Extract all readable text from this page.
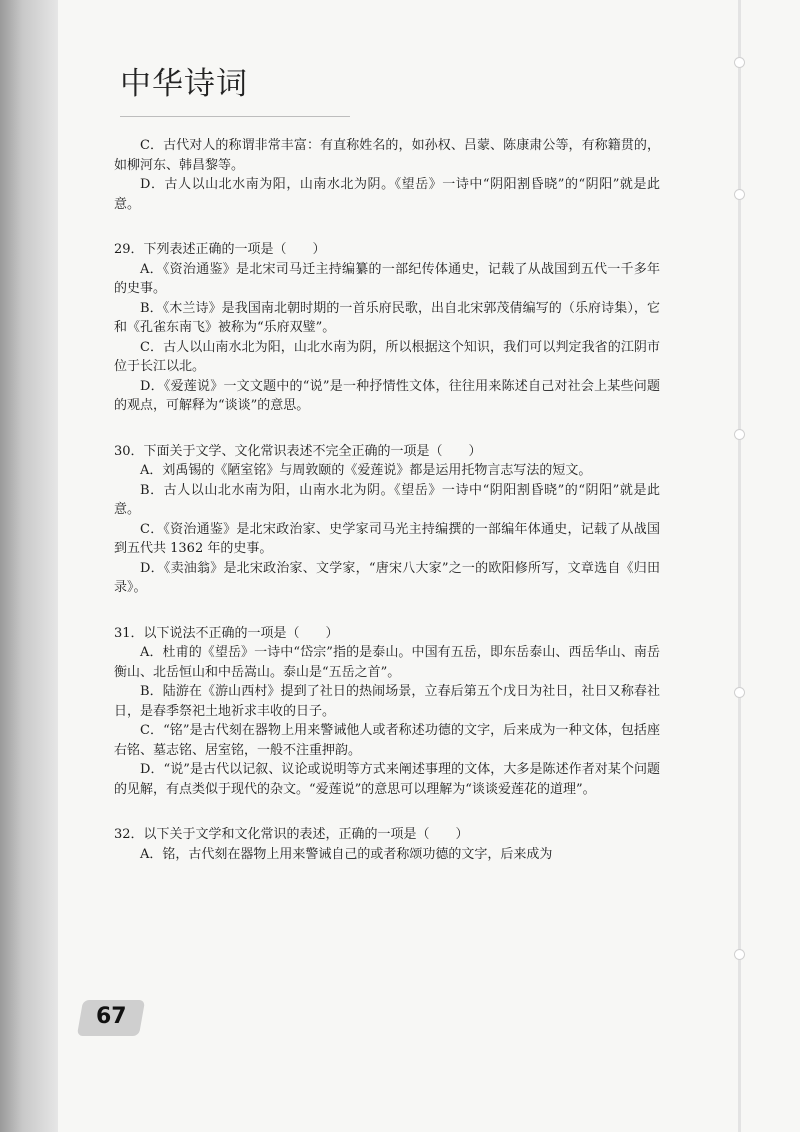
中华诗词

C．古代对人的称谓非常丰富：有直称姓名的，如孙权、吕蒙、陈康肃公等，有称籍贯的，如柳河东、韩昌黎等。

D．古人以山北水南为阳，山南水北为阴。《望岳》一诗中“阴阳割昏晓”的“阴阳”就是此意。

29．下列表述正确的一项是（　　）

A．《资治通鉴》是北宋司马迁主持编纂的一部纪传体通史，记载了从战国到五代一千多年的史事。

B．《木兰诗》是我国南北朝时期的一首乐府民歌，出自北宋郭茂倩编写的（乐府诗集），它和《孔雀东南飞》被称为“乐府双璧”。

C．古人以山南水北为阳，山北水南为阴，所以根据这个知识，我们可以判定我省的江阴市位于长江以北。

D．《爱莲说》一文文题中的“说”是一种抒情性文体，往往用来陈述自己对社会上某些问题的观点，可解释为“谈谈”的意思。

30．下面关于文学、文化常识表述不完全正确的一项是（　　）

A．刘禹锡的《陋室铭》与周敦颐的《爱莲说》都是运用托物言志写法的短文。

B．古人以山北水南为阳，山南水北为阴。《望岳》一诗中“阴阳割昏晓”的“阴阳”就是此意。

C．《资治通鉴》是北宋政治家、史学家司马光主持编撰的一部编年体通史，记载了从战国到五代共 1362 年的史事。

D．《卖油翁》是北宋政治家、文学家，“唐宋八大家”之一的欧阳修所写，文章选自《归田录》。

31．以下说法不正确的一项是（　　）

A．杜甫的《望岳》一诗中“岱宗”指的是泰山。中国有五岳，即东岳泰山、西岳华山、南岳衡山、北岳恒山和中岳嵩山。泰山是“五岳之首”。

B．陆游在《游山西村》提到了社日的热闹场景，立春后第五个戊日为社日，社日又称春社日，是春季祭祀土地祈求丰收的日子。

C．“铭”是古代刻在器物上用来警诫他人或者称述功德的文字，后来成为一种文体，包括座右铭、墓志铭、居室铭，一般不注重押韵。

D．“说”是古代以记叙、议论或说明等方式来阐述事理的文体，大多是陈述作者对某个问题的见解，有点类似于现代的杂文。“爱莲说”的意思可以理解为“谈谈爱莲花的道理”。

32．以下关于文学和文化常识的表述，正确的一项是（　　）

A．铭，古代刻在器物上用来警诫自己的或者称颂功德的文字，后来成为

67
